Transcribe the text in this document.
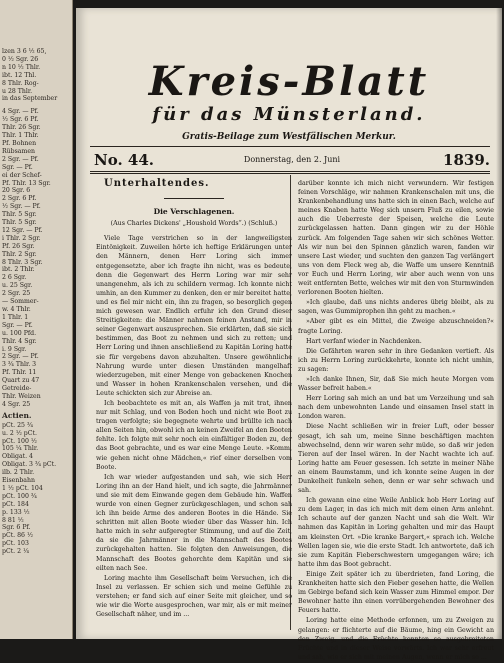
lzen 3 6 ½ 65,
0 ½ Sgr. 26
n 10 ½ Thlr.
ibt. 12 Thl.
8 Thlr. Rog-
u 28 Thlr.
in das September
4 Sgr. — Pf.
½ Sgr. 6 Pf.
Thlr. 26 Sgr.
Thlr. 1 Thlr.
Pf. Bohnen
Rübsamen
2 Sgr. — Pf.
Sgr. — Pf.
ei der Schef-
Pf. Thlr. 13 Sgr.
20 Sgr. 6
2 Sgr. 6 Pf.
½ Sgr. — Pf.
Thlr. 5 Sgr.
Thlr. 5 Sgr.
12 Sgr. — Pf.
i Thlr. 2 Sgr.
Pf. 26 Sgr.
Thlr. 2 Sgr.
8 Thlr. 3 Sgr.
ibt. 2 Thlr.
2 6 Sgr.
u. 25 Sgr.
2 Sgr. 25
— Sommer-
w. 4 Thlr.
1 Thlr. 1
Sgr. — Pf.
u. 100 Pfd.
Thlr. 4 Sgr.
i. 9 Sgr.
2 Sgr. — Pf.
3 ¾ Thlr. 3
Pf. Thlr. 11
Quart zu 47
Getreide-
Thlr. Weizen
4 Sgr. 25
Actien.
pCt. 25 ¾
u. 2 ½ pCt.
pCt. 100 ½
105 ¼ Thlr.
Obligat. 4
Obligat. 3 ¾ pCt.
ilb. 2 Thlr.
Eisenbahn
1 ½ pCt. 104
pCt. 100 ¾
pCt. 184
p. 133 ½
8 81 ½
Sgr. 6 Pf.
pCt. 86 ½
pCt. 103
pCt. 2 ¼
Kreis-Blatt
für das Münsterland.
Gratis-Beilage zum Westfälischen Merkur.
No. 44.	Donnerstag, den 2. Juni	1839.

Unterhaltendes.

Die Verschlagenen.
(Aus Charles Dickens' „Houshold Words“.) (Schluß.)

Viele Tage verstrichen so in der langweiligsten Eintönigkeit. Zuweilen hörte ich heftige Erklärungen unter den Männern, denen Herr Loring sich immer entgegensetzte, aber ich fragte ihn nicht, was es bedeute, denn die Gegenwart des Herrn Loring war mir sehr unangenehm, als ich zu schildern vermag. Ich konnte nicht umhin, an den Kummer zu denken, den er mir bereitet hatte, und es fiel mir nicht ein, ihn zu fragen, so besorglich gegen mich gewesen war. Endlich erfuhr ich den Grund dieser Streitigkeiten: die Männer nahmen feinen Anstand, mir in seiner Gegenwart auszusprechen. Sie erklärten, daß sie sich bestimmen, das Boot zu nehmen und sich zu retten; und Herr Loring und ihnen anschließend zu Kapitän Loring hatte sie für vergebens davon abzuhalten. Unsere gewöhnliche Nahrung wurde unter diesen Umständen mangelhaft wiederzugeben, mit einer Menge von gebackenen Knochen und Wasser in hohen Krankenschalen versehen, und die Leute schickten sich zur Abreise an.

Ich beobachtete es mit an, als Waffen ja mit trat, ihnen nur mit Schlag, und von Boden hoch und nicht wie Boot zu tragen verfolgte; sie begegnete wehrte und brüllte ich nach allen Seiten hin, obwohl ich an keinen Zweifel an den Booten fehlte. Ich folgte mit sehr noch ein einfältiger Boden zu, der das Boot gebrachte, und es war eine Menge Leute. »Komm, wie gehen nicht ohne Mädchen,« rief einer derselben vom Boote.

Ich war wieder aufgestanden und sah, wie sich Herr Loring ihn an der Hand hielt, und ich sagte, die Jahrmänner und sie mit dem Einwande gegen dem Gebäude hin. Waffen wurde von einen Gegner zurückgeschlagen, und schon sah ich ihn beide Arme des anderen Bootes in die Hände. Sie schritten mit allen Boote wieder über das Wasser hin. Ich hatte mich in sehr aufgeregter Stimmung, und auf die Zeit, da sie die Jahrmänner in die Mannschaft des Bootes zurückgehalten hatten. Sie folgten den Anweisungen, die Mannschaft des Bootes gehorchte dem Kapitän und sie eilten nach See.

Loring machte ihm Gesellschaft beim Versuchen, ich die Insel zu verlassen. Er schien sich und meine Gefühle zu verstehen; er fand sich auf einer Seite mit gleicher, und so wie wir die Worte ausgesprochen, war mir, als er mit meiner Gesellschaft näher, und im ...

darüber konnte ich mich nicht verwundern. Wir festigen feinen Vorschläge, wir nahmen Krankenschalen mit uns, die Krankenbehandlung uns hatte sich in einen Bach, welche auf meines Knaben hatte Weg sich unsern Fluß zu eilen, sowie auch die Ueberreste der Speisen, welche die Leute zurückgelassen hatten. Dann gingen wir zu der Höhle zurück. Am folgenden Tage sahen wir sich schönes Wetter. Als wir nun bei den Spinnen gänzlich waren, fanden wir unsere Last wieder, und suchten den ganzen Tag verlängert uns von dem Fleck weg ab, die Waffe um unsere Kenntniß vor Euch und Herrn Loring, wir aber auch wenn von uns weit entfernten Bette, welches wir mit den von Sturmwinden verlorenen Booten hielten.

»Ich glaube, daß uns nichts anderes übrig bleibt, als zu sagen, was Gummiprophen ihn geht zu machen.«

»Aber gibt es ein Mittel, die Zweige abzuschneiden?« fragte Loring.

Hart verfanf wieder in Nachdenken.

Die Gefährten waren sehr in ihre Gedanken vertieft. Als ich zu Herrn Loring zurückkehrte, konnte ich nicht umhin, zu sagen:

»Ich danke Ihnen, Sir, daß Sie mich heute Morgen vom Wasser befreit haben.«

Herr Loring sah mich an und bat um Verzeihung und sah nach dem unbewohnten Lande und einsamen Insel statt in London waren.

Diese Nacht schließen wir in freier Luft, oder besser gesagt, ich sah um, meine Sinne beschäftigen machten abwechselnd, denn wir waren sehr müde, so daß wir jeden Tieren auf der Insel wären. In der Nacht wachte ich auf. Loring hatte am Feuer gesessen. Ich setzte in meiner Nähe an einem Baumstamm, und ich konnte seine Augen in der Dunkelheit funkeln sehen, denn er war sehr schwach und sah.

Ich gewann eine eine Weile Anblick hob Herr Loring auf zu dem Lager, in das ich mich mit dem einen Arm anlehnt. Ich schaute auf der ganzen Nacht und sah die Welt. Wir nahmen das Kapitän in Loring gehalten und mir das Haupt am kleinsten Ort. »Die kranke Bargert,« sprach ich. Welche Wellen lagen sie, wie die erste Stadt. Ich antwortete, daß ich sie zum Kapitän Fieberschwestern umgegangen wäre; ich hatte ihm das Boot gebracht.

Einige Zeit später ich zu überdrieten, fand Loring, die Krankheiten hatte sich den Fieber gesehen hatte, die Wellen im Gebirge befand sich kein Wasser zum Himmel empor. Der Bewohner hatte ihn einen vorrübergehenden Bewohner des Feuers hatte.

Loring hatte eine Methode erfonnen, um zu Zweigen zu gelangen: er flichterte auf die Bäume, hing ein Gewicht an den Zweig, und die Früchte konnten so ausgebreiteten Früchte und in dieser Weise vorwärts. Ich war sehr erfreut und sah, wie er sich mit meinen Augen, wenn er mich so ...
